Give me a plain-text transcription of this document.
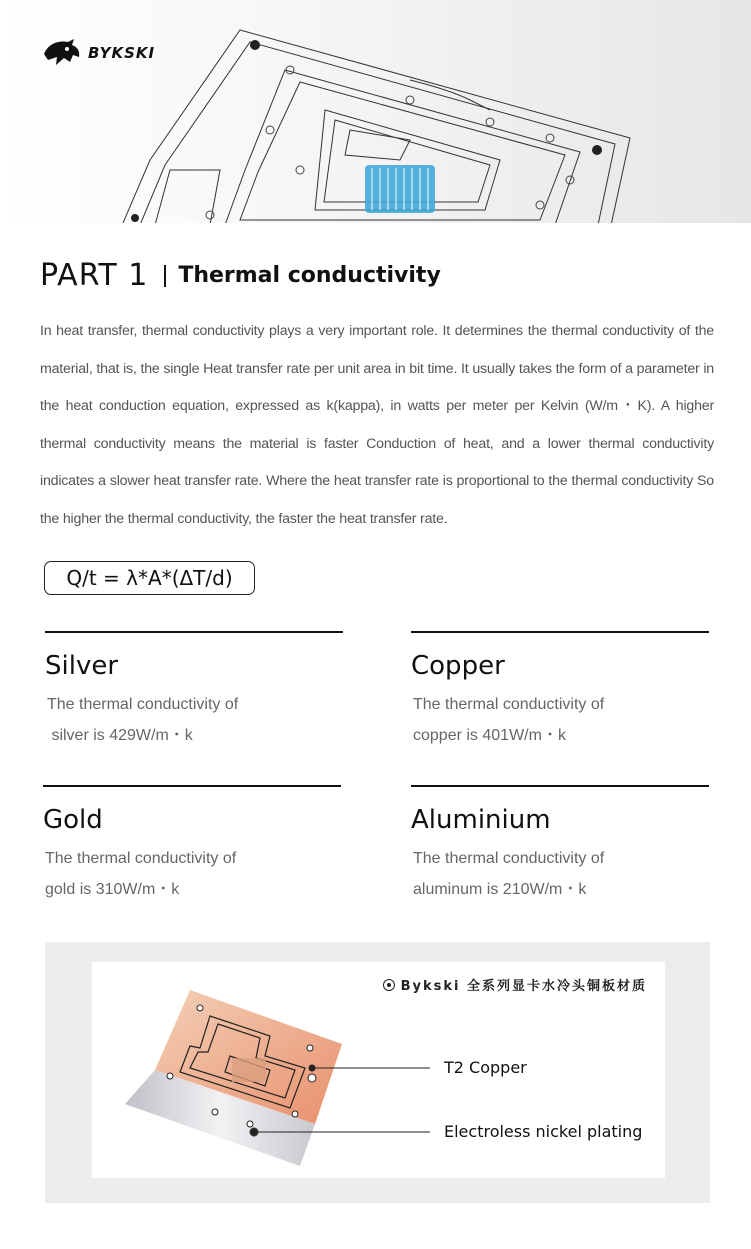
BYKSKI
PART 1 Thermal conductivity
In heat transfer, thermal conductivity plays a very important role. It determines the thermal conductivity of the material, that is, the single Heat transfer rate per unit area in bit time. It usually takes the form of a parameter in the heat conduction equation, expressed as k(kappa), in watts per meter per Kelvin (W/m・K). A higher thermal conductivity means the material is faster Conduction of heat, and a lower thermal conductivity indicates a slower heat transfer rate. Where the heat transfer rate is proportional to the thermal conductivity So the higher the thermal conductivity, the faster the heat transfer rate.
Q/t = λ*A*(ΔT/d)
Silver
The thermal conductivity of
silver is 429W/m・k
Copper
The thermal conductivity of
copper is 401W/m・k
Gold
The thermal conductivity of
gold is 310W/m・k
Aluminium
The thermal conductivity of
aluminum is 210W/m・k
Bykski 全系列显卡水冷头铜板材质
T2 Copper
Electroless nickel plating
